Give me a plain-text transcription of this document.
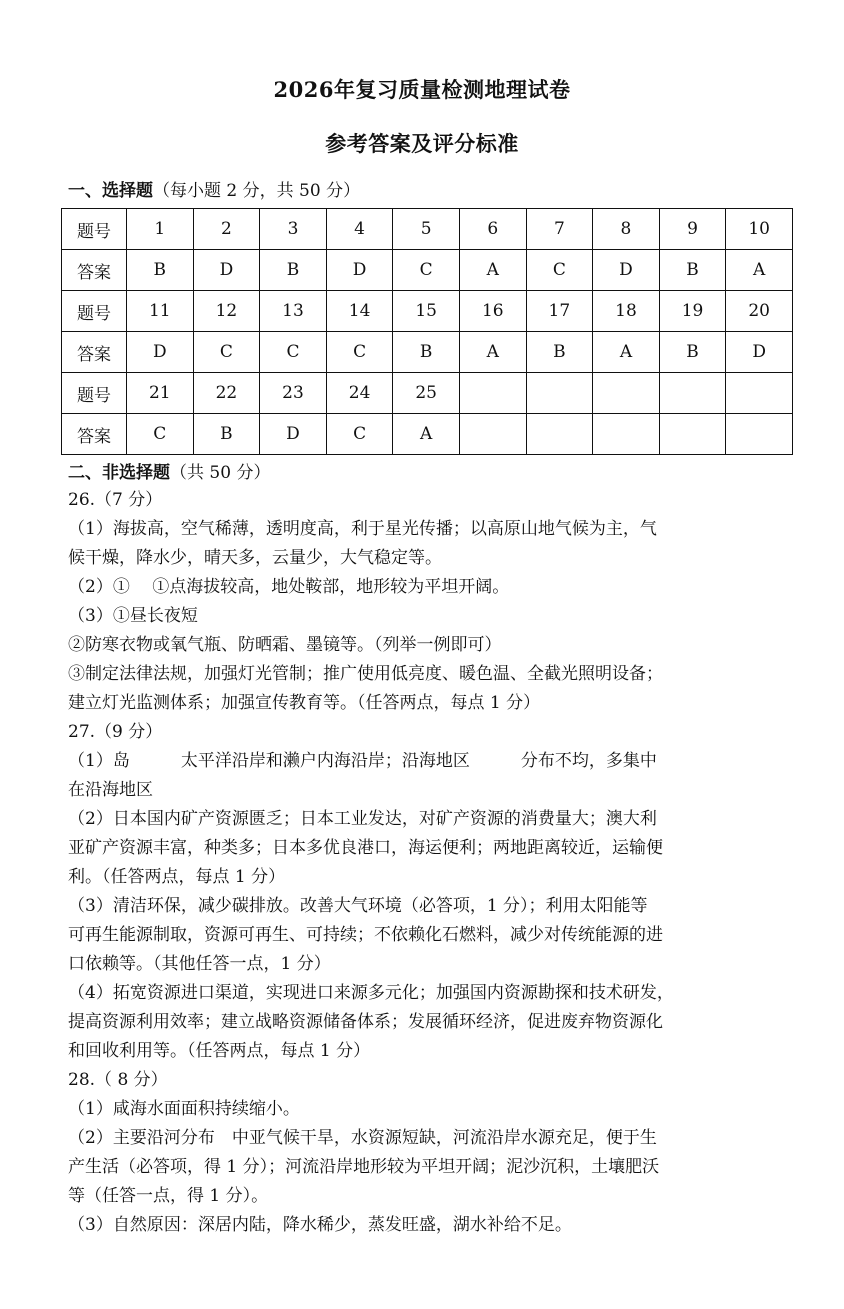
2026年复习质量检测地理试卷
参考答案及评分标准
一、选择题（每小题 2 分，共 50 分）
题号	1	2	3	4	5	6	7	8	9	10
答案	B	D	B	D	C	A	C	D	B	A
题号	11	12	13	14	15	16	17	18	19	20
答案	D	C	C	C	B	A	B	A	B	D
题号	21	22	23	24	25					
答案	C	B	D	C	A					
二、非选择题（共 50 分）
26.（7 分）
（1）海拔高，空气稀薄，透明度高，利于星光传播；以高原山地气候为主，气
候干燥，降水少，晴天多，云量少，大气稳定等。
（2）①　 ①点海拔较高，地处鞍部，地形较为平坦开阔。
（3）①昼长夜短
②防寒衣物或氧气瓶、防晒霜、墨镜等。（列举一例即可）
③制定法律法规，加强灯光管制；推广使用低亮度、暖色温、全截光照明设备；
建立灯光监测体系；加强宣传教育等。（任答两点，每点 1 分）
27.（9 分）
（1）岛　　　太平洋沿岸和濑户内海沿岸；沿海地区　　　分布不均，多集中
在沿海地区
（2）日本国内矿产资源匮乏；日本工业发达，对矿产资源的消费量大；澳大利
亚矿产资源丰富，种类多；日本多优良港口，海运便利；两地距离较近，运输便
利。（任答两点，每点 1 分）
（3）清洁环保，减少碳排放。改善大气环境（必答项，1 分）；利用太阳能等
可再生能源制取，资源可再生、可持续；不依赖化石燃料，减少对传统能源的进
口依赖等。（其他任答一点，1 分）
（4）拓宽资源进口渠道，实现进口来源多元化；加强国内资源勘探和技术研发，
提高资源利用效率；建立战略资源储备体系；发展循环经济，促进废弃物资源化
和回收利用等。（任答两点，每点 1 分）
28.（ 8 分）
（1）咸海水面面积持续缩小。
（2）主要沿河分布　中亚气候干旱，水资源短缺，河流沿岸水源充足，便于生
产生活（必答项，得 1 分）；河流沿岸地形较为平坦开阔；泥沙沉积，土壤肥沃
等（任答一点，得 1 分）。
（3）自然原因：深居内陆，降水稀少，蒸发旺盛，湖水补给不足。
